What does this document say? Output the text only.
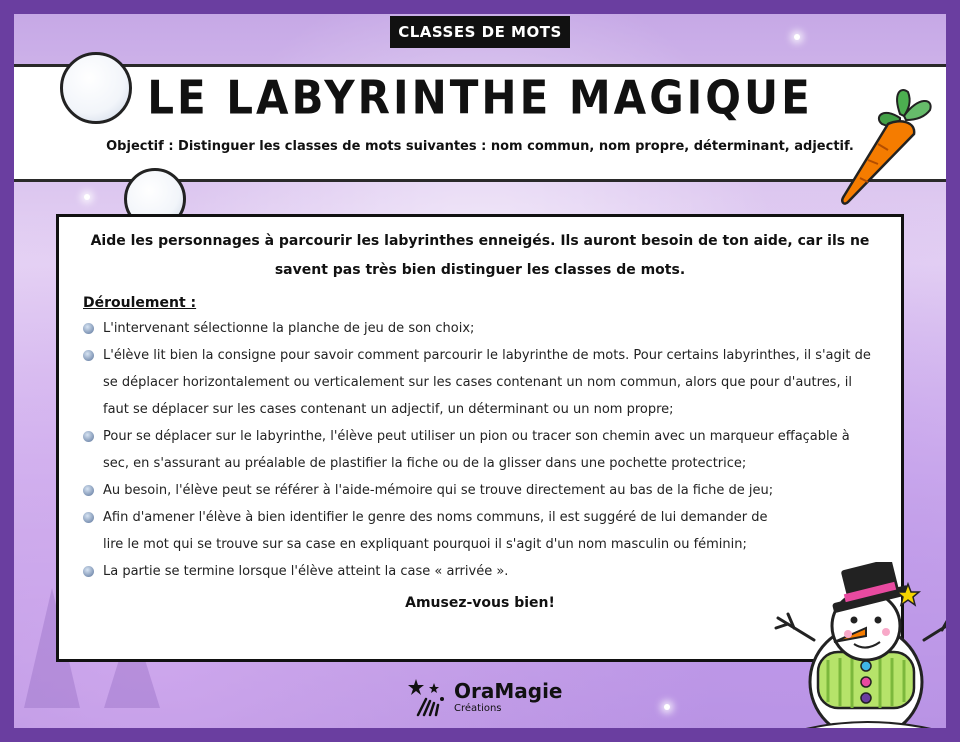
CLASSES DE MOTS
LE LABYRINTHE MAGIQUE
Objectif : Distinguer les classes de mots suivantes : nom commun, nom propre, déterminant, adjectif.

Aide les personnages à parcourir les labyrinthes enneigés. Ils auront besoin de ton aide, car ils ne
savent pas très bien distinguer les classes de mots.

Déroulement :
L'intervenant sélectionne la planche de jeu de son choix;
L'élève lit bien la consigne pour savoir comment parcourir le labyrinthe de mots. Pour certains labyrinthes, il s'agit de se déplacer horizontalement ou verticalement sur les cases contenant un nom commun, alors que pour d'autres, il faut se déplacer sur les cases contenant un adjectif, un déterminant ou un nom propre;
Pour se déplacer sur le labyrinthe, l'élève peut utiliser un pion ou tracer son chemin avec un marqueur effaçable à sec, en s'assurant au préalable de plastifier la fiche ou de la glisser dans une pochette protectrice;
Au besoin, l'élève peut se référer à l'aide-mémoire qui se trouve directement au bas de la fiche de jeu;
Afin d'amener l'élève à bien identifier le genre des noms communs, il est suggéré de lui demander de lire le mot qui se trouve sur sa case en expliquant pourquoi il s'agit d'un nom masculin ou féminin;
La partie se termine lorsque l'élève atteint la case « arrivée ».
Amusez-vous bien!
OraMagie
Créations
